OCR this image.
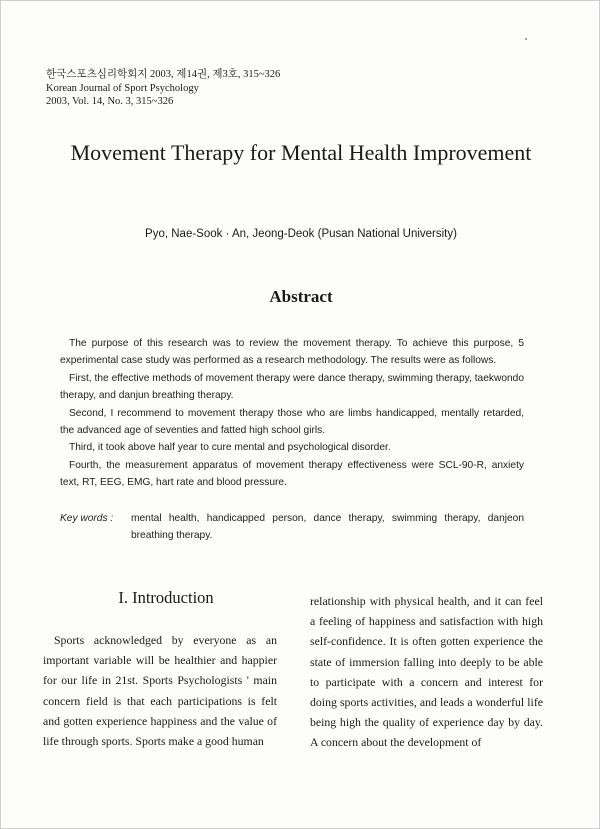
한국스포츠심리학회지 2003, 제14권, 제3호, 315~326
Korean Journal of Sport Psychology
2003, Vol. 14, No. 3, 315~326
Movement Therapy for Mental Health Improvement
Pyo, Nae-Sook · An, Jeong-Deok (Pusan National University)
Abstract

The purpose of this research was to review the movement therapy. To achieve this purpose, 5 experimental case study was performed as a research methodology. The results were as follows.

First, the effective methods of movement therapy were dance therapy, swimming therapy, taekwondo therapy, and danjun breathing therapy.

Second, I recommend to movement therapy those who are limbs handicapped, mentally retarded, the advanced age of seventies and fatted high school girls.

Third, it took above half year to cure mental and psychological disorder.

Fourth, the measurement apparatus of movement therapy effectiveness were SCL-90-R, anxiety text, RT, EEG, EMG, hart rate and blood pressure.

Key words : mental health, handicapped person, dance therapy, swimming therapy, danjeon breathing therapy.
I. Introduction

Sports acknowledged by everyone as an important variable will be healthier and happier for our life in 21st. Sports Psychologists ' main concern field is that each participations is felt and gotten experience happiness and the value of life through sports. Sports make a good human

relationship with physical health, and it can feel a feeling of happiness and satisfaction with high self-confidence. It is often gotten experience the state of immersion falling into deeply to be able to participate with a concern and interest for doing sports activities, and leads a wonderful life being high the quality of experience day by day. A concern about the development of
